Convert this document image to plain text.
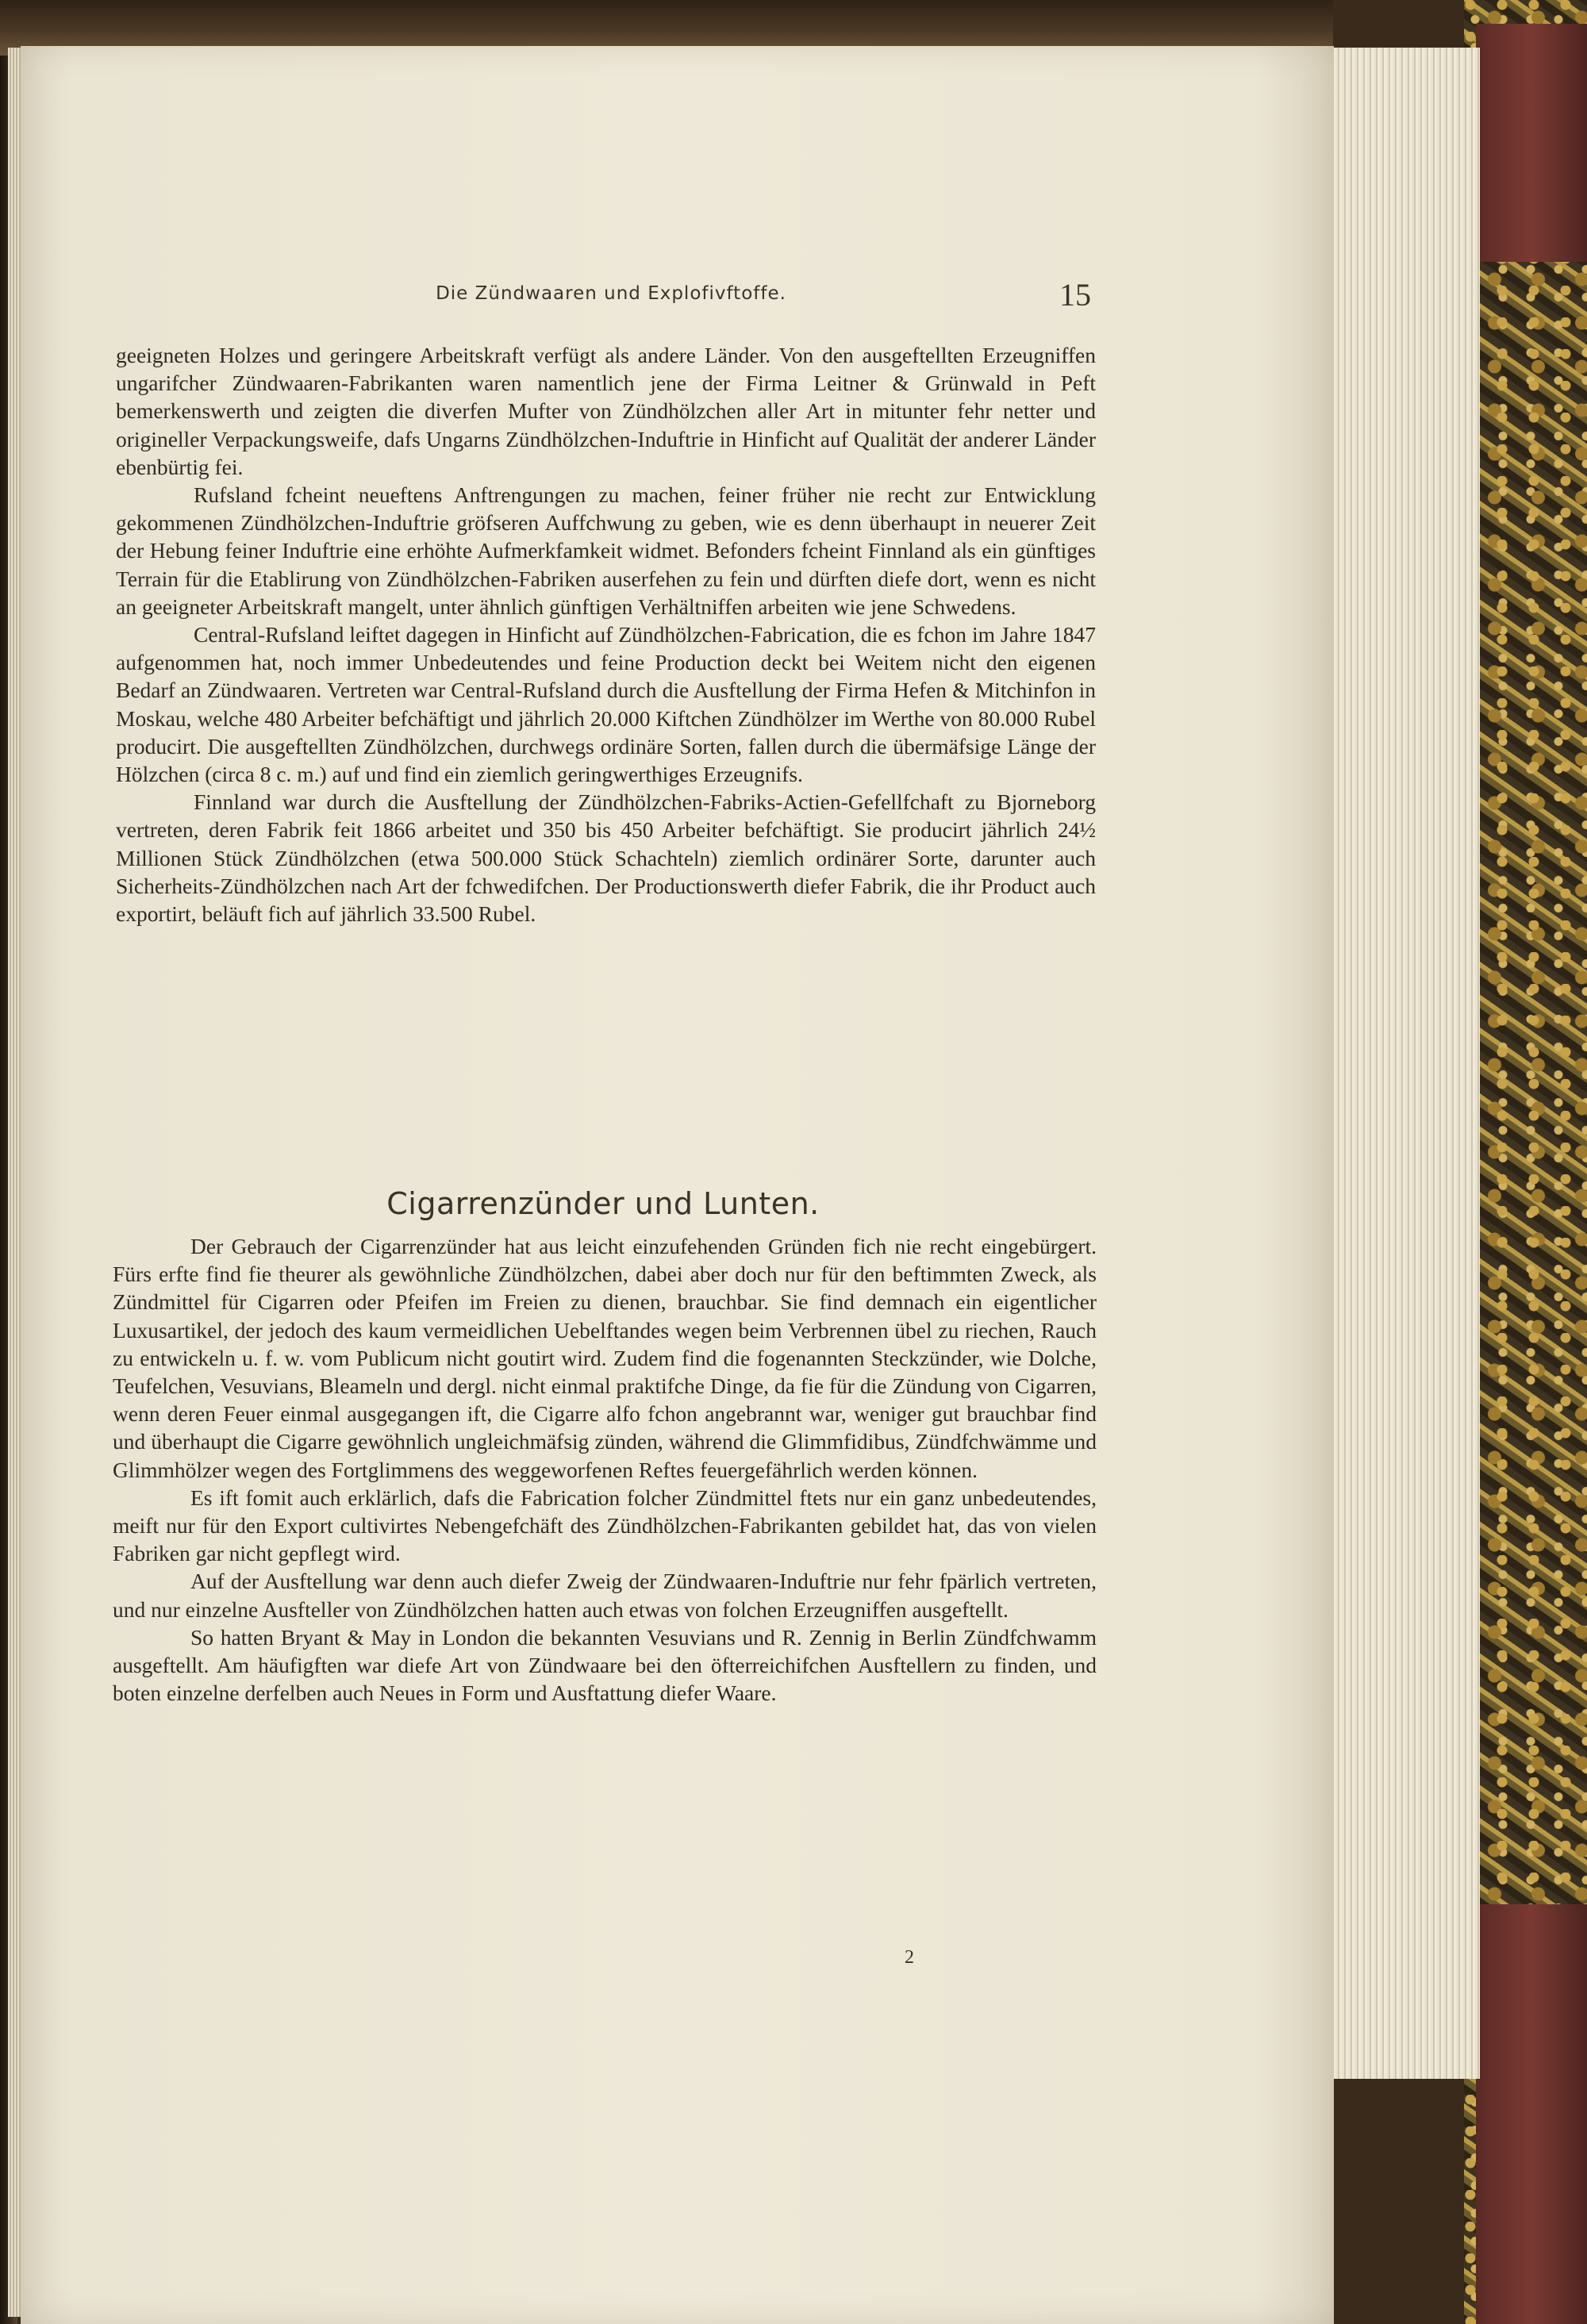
Die Zündwaaren und Explofivftoffe.	15

geeigneten Holzes und geringere Arbeitskraft verfügt als andere Länder. Von den ausgeftellten Erzeugniffen ungarifcher Zündwaaren-Fabrikanten waren namentlich jene der Firma Leitner & Grünwald in Peft bemerkenswerth und zeigten die diverfen Mufter von Zündhölzchen aller Art in mitunter fehr netter und origineller Verpackungsweife, dafs Ungarns Zündhölzchen-Induftrie in Hinficht auf Qualität der anderer Länder ebenbürtig fei.

Rufsland fcheint neueftens Anftrengungen zu machen, feiner früher nie recht zur Entwicklung gekommenen Zündhölzchen-Induftrie gröfseren Auffchwung zu geben, wie es denn überhaupt in neuerer Zeit der Hebung feiner Induftrie eine erhöhte Aufmerkfamkeit widmet. Befonders fcheint Finnland als ein günftiges Terrain für die Etablirung von Zündhölzchen-Fabriken auserfehen zu fein und dürften diefe dort, wenn es nicht an geeigneter Arbeitskraft mangelt, unter ähnlich günftigen Verhältniffen arbeiten wie jene Schwedens.

Central-Rufsland leiftet dagegen in Hinficht auf Zündhölzchen-Fabrication, die es fchon im Jahre 1847 aufgenommen hat, noch immer Unbedeutendes und feine Production deckt bei Weitem nicht den eigenen Bedarf an Zündwaaren. Vertreten war Central-Rufsland durch die Ausftellung der Firma Hefen & Mitchinfon in Moskau, welche 480 Arbeiter befchäftigt und jährlich 20.000 Kiftchen Zündhölzer im Werthe von 80.000 Rubel producirt. Die ausgeftellten Zündhölzchen, durchwegs ordinäre Sorten, fallen durch die übermäfsige Länge der Hölzchen (circa 8 c. m.) auf und find ein ziemlich geringwerthiges Erzeugnifs.

Finnland war durch die Ausftellung der Zündhölzchen-Fabriks-Actien-Gefellfchaft zu Bjorneborg vertreten, deren Fabrik feit 1866 arbeitet und 350 bis 450 Arbeiter befchäftigt. Sie producirt jährlich 24½ Millionen Stück Zündhölzchen (etwa 500.000 Stück Schachteln) ziemlich ordinärer Sorte, darunter auch Sicherheits-Zündhölzchen nach Art der fchwedifchen. Der Productionswerth diefer Fabrik, die ihr Product auch exportirt, beläuft fich auf jährlich 33.500 Rubel.

Cigarrenzünder und Lunten.

Der Gebrauch der Cigarrenzünder hat aus leicht einzufehenden Gründen fich nie recht eingebürgert. Fürs erfte find fie theurer als gewöhnliche Zündhölzchen, dabei aber doch nur für den beftimmten Zweck, als Zündmittel für Cigarren oder Pfeifen im Freien zu dienen, brauchbar. Sie find demnach ein eigentlicher Luxusartikel, der jedoch des kaum vermeidlichen Uebelftandes wegen beim Verbrennen übel zu riechen, Rauch zu entwickeln u. f. w. vom Publicum nicht goutirt wird. Zudem find die fogenannten Steckzünder, wie Dolche, Teufelchen, Vesuvians, Bleameln und dergl. nicht einmal praktifche Dinge, da fie für die Zündung von Cigarren, wenn deren Feuer einmal ausgegangen ift, die Cigarre alfo fchon angebrannt war, weniger gut brauchbar find und überhaupt die Cigarre gewöhnlich ungleichmäfsig zünden, während die Glimmfidibus, Zündfchwämme und Glimmhölzer wegen des Fortglimmens des weggeworfenen Reftes feuergefährlich werden können.

Es ift fomit auch erklärlich, dafs die Fabrication folcher Zündmittel ftets nur ein ganz unbedeutendes, meift nur für den Export cultivirtes Nebengefchäft des Zündhölzchen-Fabrikanten gebildet hat, das von vielen Fabriken gar nicht gepflegt wird.

Auf der Ausftellung war denn auch diefer Zweig der Zündwaaren-Induftrie nur fehr fpärlich vertreten, und nur einzelne Ausfteller von Zündhölzchen hatten auch etwas von folchen Erzeugniffen ausgeftellt.

So hatten Bryant & May in London die bekannten Vesuvians und R. Zennig in Berlin Zündfchwamm ausgeftellt. Am häufigften war diefe Art von Zündwaare bei den öfterreichifchen Ausftellern zu finden, und boten einzelne derfelben auch Neues in Form und Ausftattung diefer Waare.

2
